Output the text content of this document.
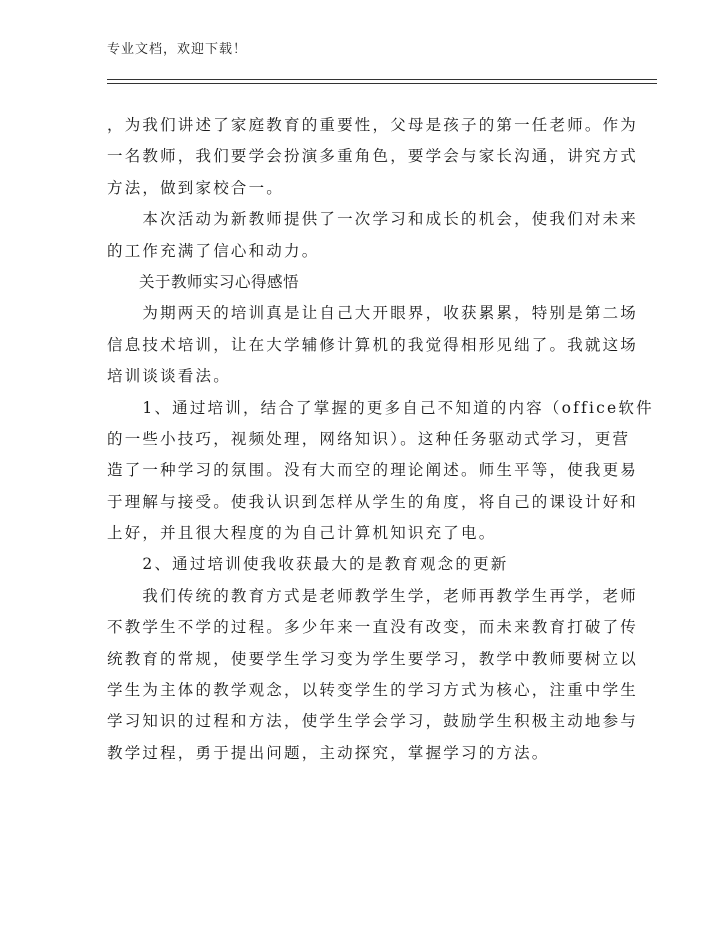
专业文档，欢迎下载！
，为我们讲述了家庭教育的重要性，父母是孩子的第一任老师。作为
一名教师，我们要学会扮演多重角色，要学会与家长沟通，讲究方式
方法，做到家校合一。
　　本次活动为新教师提供了一次学习和成长的机会，使我们对未来
的工作充满了信心和动力。
　　关于教师实习心得感悟
　　为期两天的培训真是让自己大开眼界，收获累累，特别是第二场
信息技术培训，让在大学辅修计算机的我觉得相形见绌了。我就这场
培训谈谈看法。
　　1、通过培训，结合了掌握的更多自己不知道的内容（office软件
的一些小技巧，视频处理，网络知识）。这种任务驱动式学习，更营
造了一种学习的氛围。没有大而空的理论阐述。师生平等，使我更易
于理解与接受。使我认识到怎样从学生的角度，将自己的课设计好和
上好，并且很大程度的为自己计算机知识充了电。
　　2、通过培训使我收获最大的是教育观念的更新
　　我们传统的教育方式是老师教学生学，老师再教学生再学，老师
不教学生不学的过程。多少年来一直没有改变，而未来教育打破了传
统教育的常规，使要学生学习变为学生要学习，教学中教师要树立以
学生为主体的教学观念，以转变学生的学习方式为核心，注重中学生
学习知识的过程和方法，使学生学会学习，鼓励学生积极主动地参与
教学过程，勇于提出问题，主动探究，掌握学习的方法。
